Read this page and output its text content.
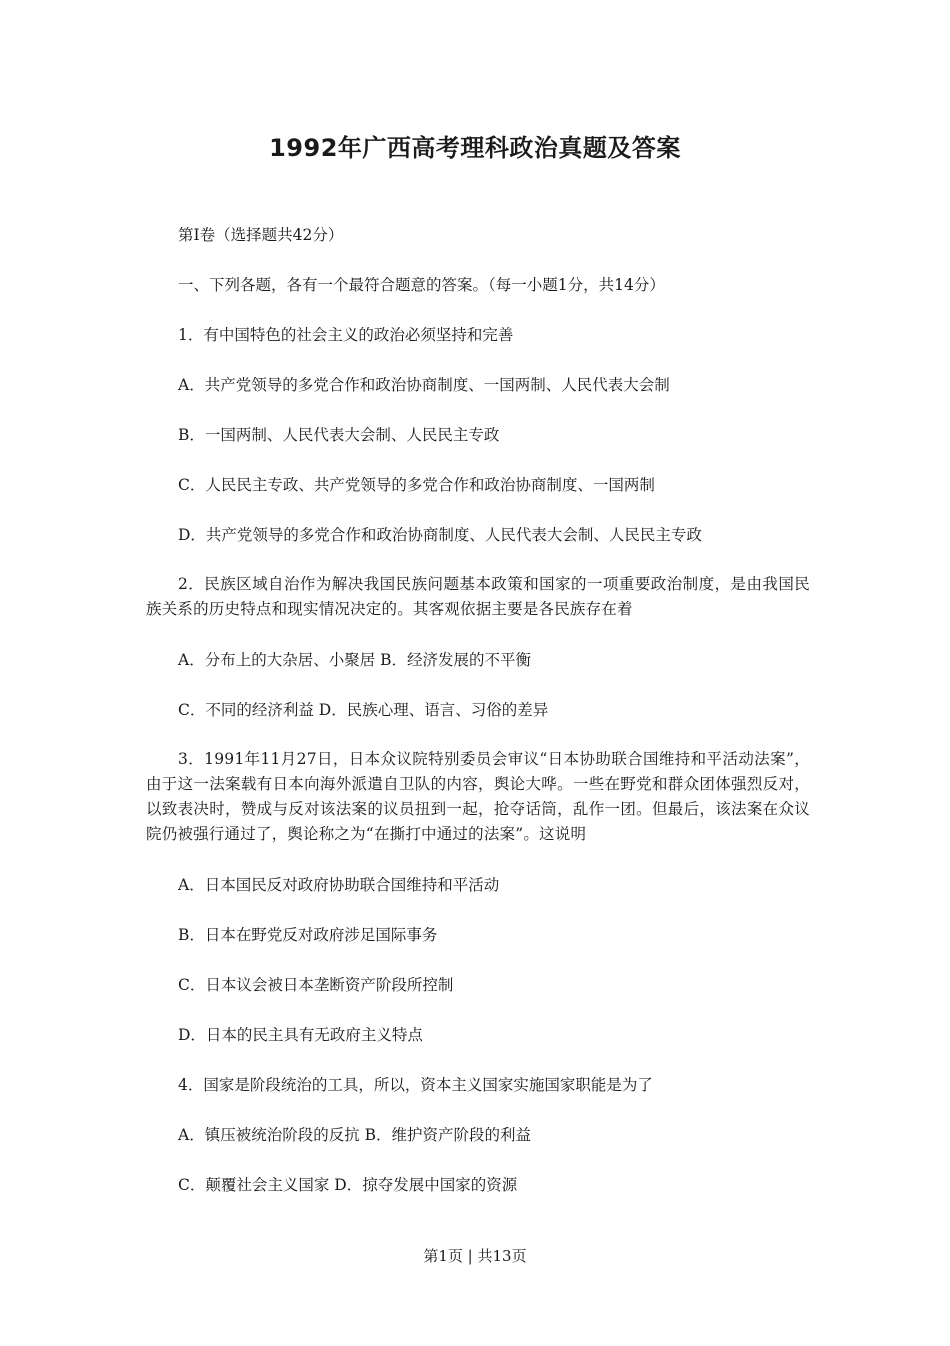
1992年广西高考理科政治真题及答案
第Ⅰ卷（选择题共42分）
一、下列各题，各有一个最符合题意的答案。（每一小题1分，共14分）
1．有中国特色的社会主义的政治必须坚持和完善
A．共产党领导的多党合作和政治协商制度、一国两制、人民代表大会制
B．一国两制、人民代表大会制、人民民主专政
C．人民民主专政、共产党领导的多党合作和政治协商制度、一国两制
D．共产党领导的多党合作和政治协商制度、人民代表大会制、人民民主专政
2．民族区域自治作为解决我国民族问题基本政策和国家的一项重要政治制度，是由我国民族关系的历史特点和现实情况决定的。其客观依据主要是各民族存在着
A．分布上的大杂居、小聚居 B．经济发展的不平衡
C．不同的经济利益 D．民族心理、语言、习俗的差异
3．1991年11月27日，日本众议院特别委员会审议“日本协助联合国维持和平活动法案”，由于这一法案载有日本向海外派遣自卫队的内容，舆论大哗。一些在野党和群众团体强烈反对，以致表决时，赞成与反对该法案的议员扭到一起，抢夺话筒，乱作一团。但最后，该法案在众议院仍被强行通过了，舆论称之为“在撕打中通过的法案”。这说明
A．日本国民反对政府协助联合国维持和平活动
B．日本在野党反对政府涉足国际事务
C．日本议会被日本垄断资产阶段所控制
D．日本的民主具有无政府主义特点
4．国家是阶段统治的工具，所以，资本主义国家实施国家职能是为了
A．镇压被统治阶段的反抗 B．维护资产阶段的利益
C．颠覆社会主义国家 D．掠夺发展中国家的资源
第1页 | 共13页
